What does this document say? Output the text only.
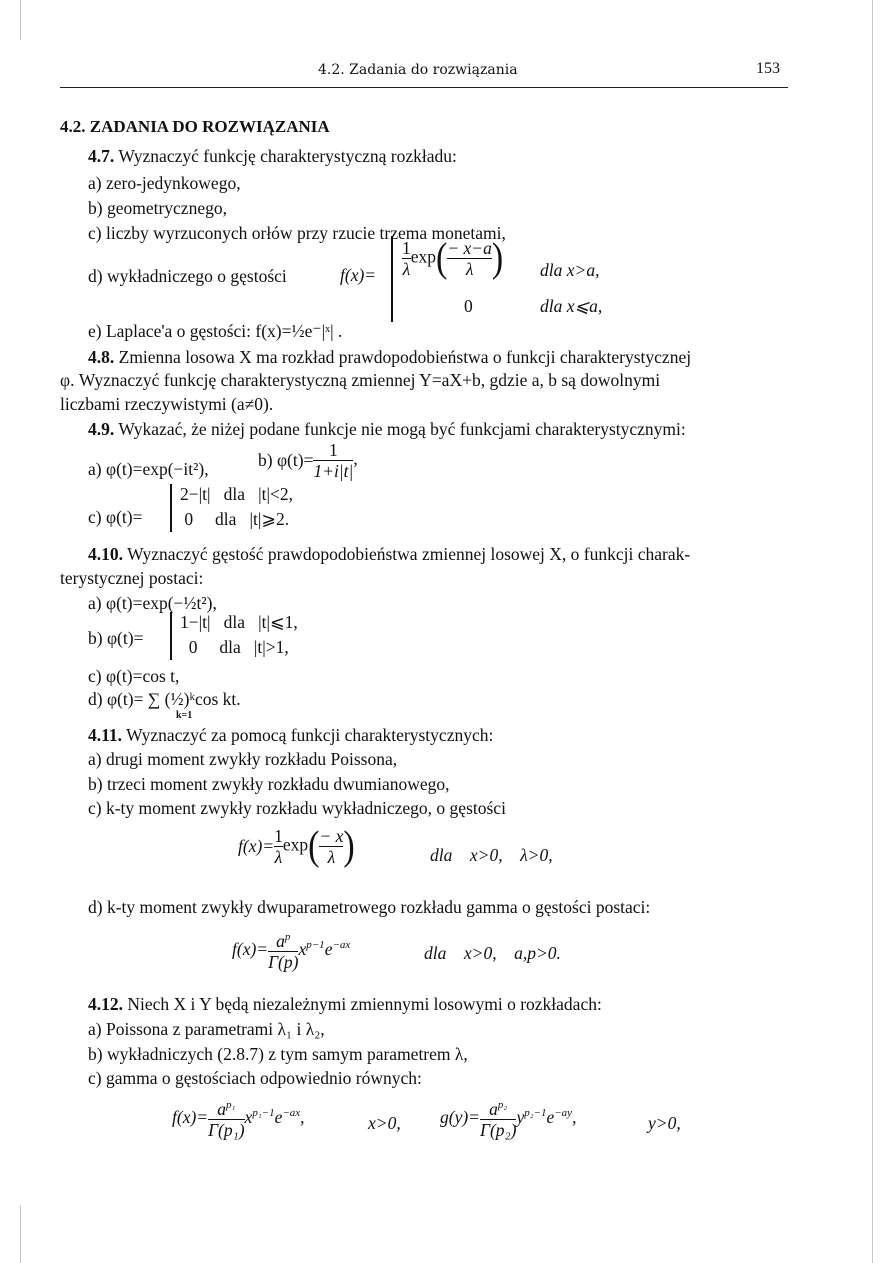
4.2. Zadania do rozwiązania	153
4.2. ZADANIA DO ROZWIĄZANIA
4.7. Wyznaczyć funkcję charakterystyczną rozkładu:
a) zero-jedynkowego,
b) geometrycznego,
c) liczby wyrzuconych orłów przy rzucie trzema monetami,
d) wykładniczego o gęstości	$f(x)= \frac{1}{\lambda} \exp( \frac{- x-a}{\lambda}$ ) dla x>a,
0	dla x⩽a,
e) Laplace'a o gęstości: f(x)=½e⁻|ˣ| .
4.8. Zmienna losowa X ma rozkład prawdopodobieństwa o funkcji charakterystycznej
φ. Wyznaczyć funkcję charakterystyczną zmiennej Y=aX+b, gdzie a, b są dowolnymi
liczbami rzeczywistymi (a≠0).
4.9. Wykazać, że niżej podane funkcje nie mogą być funkcjami charakterystycznymi:
a) φ(t)=exp(−it²),	b) $\varphi(t)= \frac{1}{1+i|t|}$ ,
c) φ(t)=
2−|t|   dla   |t|<2,
0     dla   |t|⩾2.
4.10. Wyznaczyć gęstość prawdopodobieństwa zmiennej losowej X, o funkcji charak-
terystycznej postaci:
a) φ(t)=exp(−½t²),
b) φ(t)=
1−|t|   dla   |t|⩽1,
0     dla   |t|>1,
c) φ(t)=cos t,
d) φ(t)= ∑ (½)ᵏcos kt.
k=1
4.11. Wyznaczyć za pomocą funkcji charakterystycznych:
a) drugi moment zwykły rozkładu Poissona,
b) trzeci moment zwykły rozkładu dwumianowego,
c) k-ty moment zwykły rozkładu wykładniczego, o gęstości
$f(x)= \frac{1}{\lambda} \exp( \frac{- x}{\lambda}$ )	dla    x>0,    λ>0,
d) k-ty moment zwykły dwuparametrowego rozkładu gamma o gęstości postaci:
$f(x)= \frac{a^p}{\Gamma(p)} x^{p-1}e^{-ax}$	dla    x>0,    a,p>0.
4.12. Niech X i Y będą niezależnymi zmiennymi losowymi o rozkładach:
a) Poissona z parametrami λ₁ i λ₂,
b) wykładniczych (2.8.7) z tym samym parametrem λ,
c) gamma o gęstościach odpowiednio równych:
$f(x)= \frac{a^{p_1}}{\text{Γ(p₁)}} x^{p_1-1}e^{-ax}$,	x>0, $g(y)= \frac{a^{p_2}}{\text{Γ(p₂)}} y^{p_2-1}e^{-ay}$,	y>0,
